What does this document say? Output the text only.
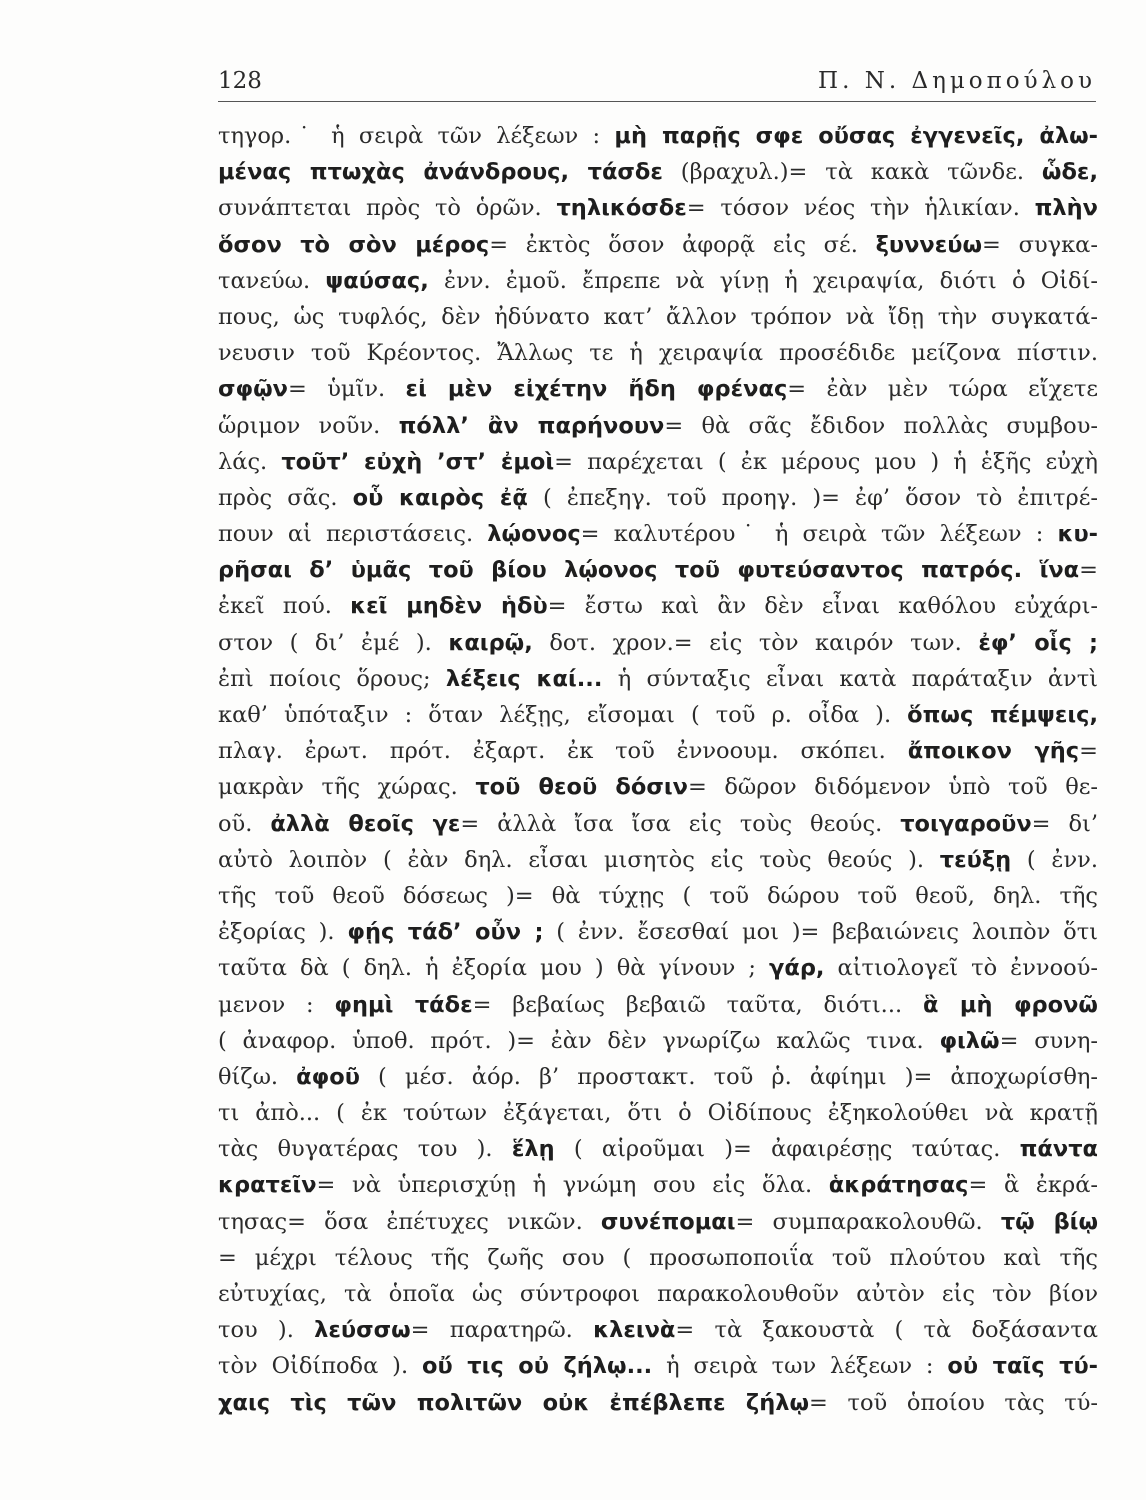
128	Π. Ν. Δημοπούλου
τηγορ.˙ ἡ σειρὰ τῶν λέξεων : μὴ παρῇς σφε οὔσας ἐγγενεῖς, ἀλω-
μένας πτωχὰς ἀνάνδρους, τάσδε (βραχυλ.)= τὰ κακὰ τῶνδε. ὧδε,
συνάπτεται πρὸς τὸ ὁρῶν. τηλικόσδε= τόσον νέος τὴν ἡλικίαν. πλὴν
ὅσον τὸ σὸν μέρος= ἐκτὸς ὅσον ἀφορᾷ εἰς σέ. ξυννεύω= συγκα-
τανεύω. ψαύσας, ἐνν. ἐμοῦ. ἔπρεπε νὰ γίνῃ ἡ χειραψία, διότι ὁ Οἰδί-
πους, ὡς τυφλός, δὲν ἠδύνατο κατ’ ἄλλον τρόπον νὰ ἴδῃ τὴν συγκατά-
νευσιν τοῦ Κρέοντος. Ἄλλως τε ἡ χειραψία προσέδιδε μείζονα πίστιν.
σφῷν= ὑμῖν. εἰ μὲν εἰχέτην ἤδη φρένας= ἐὰν μὲν τώρα εἴχετε
ὥριμον νοῦν. πόλλ’ ἂν παρήνουν= θὰ σᾶς ἔδιδον πολλὰς συμβου-
λάς. τοῦτ’ εὐχὴ ’στ’ ἐμοὶ= παρέχεται ( ἐκ μέρους μου ) ἡ ἑξῆς εὐχὴ
πρὸς σᾶς. οὗ καιρὸς ἐᾷ ( ἐπεξηγ. τοῦ προηγ. )= ἐφ’ ὅσον τὸ ἐπιτρέ-
πουν αἱ περιστάσεις. λῴονος= καλυτέρου˙ ἡ σειρὰ τῶν λέξεων : κυ-
ρῆσαι δ’ ὑμᾶς τοῦ βίου λῴονος τοῦ φυτεύσαντος πατρός. ἵνα=
ἐκεῖ πού. κεῖ μηδὲν ἡδὺ= ἔστω καὶ ἂν δὲν εἶναι καθόλου εὐχάρι-
στον ( δι’ ἐμέ ). καιρῷ, δοτ. χρον.= εἰς τὸν καιρόν των. ἐφ’ οἷς ;
ἐπὶ ποίοις ὅρους; λέξεις καί... ἡ σύνταξις εἶναι κατὰ παράταξιν ἀντὶ
καθ’ ὑπόταξιν : ὅταν λέξῃς, εἴσομαι ( τοῦ ρ. οἶδα ). ὅπως πέμψεις,
πλαγ. ἐρωτ. πρότ. ἐξαρτ. ἐκ τοῦ ἐννοουμ. σκόπει. ἄποικον γῆς=
μακρὰν τῆς χώρας. τοῦ θεοῦ δόσιν= δῶρον διδόμενον ὑπὸ τοῦ θε-
οῦ. ἀλλὰ θεοῖς γε= ἀλλὰ ἴσα ἴσα εἰς τοὺς θεούς. τοιγαροῦν= δι’
αὐτὸ λοιπὸν ( ἐὰν δηλ. εἶσαι μισητὸς εἰς τοὺς θεούς ). τεύξῃ ( ἐνν.
τῆς τοῦ θεοῦ δόσεως )= θὰ τύχῃς ( τοῦ δώρου τοῦ θεοῦ, δηλ. τῆς
ἐξορίας ). φῄς τάδ’ οὖν ; ( ἐνν. ἔσεσθαί μοι )= βεβαιώνεις λοιπὸν ὅτι
ταῦτα δὰ ( δηλ. ἡ ἐξορία μου ) θὰ γίνουν ; γάρ, αἰτιολογεῖ τὸ ἐννοού-
μενον : φημὶ τάδε= βεβαίως βεβαιῶ ταῦτα, διότι... ἃ μὴ φρονῶ
( ἀναφορ. ὑποθ. πρότ. )= ἐὰν δὲν γνωρίζω καλῶς τινα. φιλῶ= συνη-
θίζω. ἀφοῦ ( μέσ. ἀόρ. β’ προστακτ. τοῦ ῥ. ἀφίημι )= ἀποχωρίσθη-
τι ἀπὸ... ( ἐκ τούτων ἐξάγεται, ὅτι ὁ Οἰδίπους ἐξηκολούθει νὰ κρατῇ
τὰς θυγατέρας του ). ἕλῃ ( αἱροῦμαι )= ἀφαιρέσῃς ταύτας. πάντα
κρατεῖν= νὰ ὑπερισχύῃ ἡ γνώμη σου εἰς ὅλα. ἁκράτησας= ἃ ἐκρά-
τησας= ὅσα ἐπέτυχες νικῶν. συνέπομαι= συμπαρακολουθῶ. τῷ βίῳ
= μέχρι τέλους τῆς ζωῆς σου ( προσωποποιΐα τοῦ πλούτου καὶ τῆς
εὐτυχίας, τὰ ὁποῖα ὡς σύντροφοι παρακολουθοῦν αὐτὸν εἰς τὸν βίον
του ). λεύσσω= παρατηρῶ. κλεινὰ= τὰ ξακουστὰ ( τὰ δοξάσαντα
τὸν Οἰδίποδα ). οὔ τις οὐ ζήλῳ... ἡ σειρὰ των λέξεων : οὐ ταῖς τύ-
χαις τὶς τῶν πολιτῶν οὐκ ἐπέβλεπε ζήλῳ= τοῦ ὁποίου τὰς τύ-
